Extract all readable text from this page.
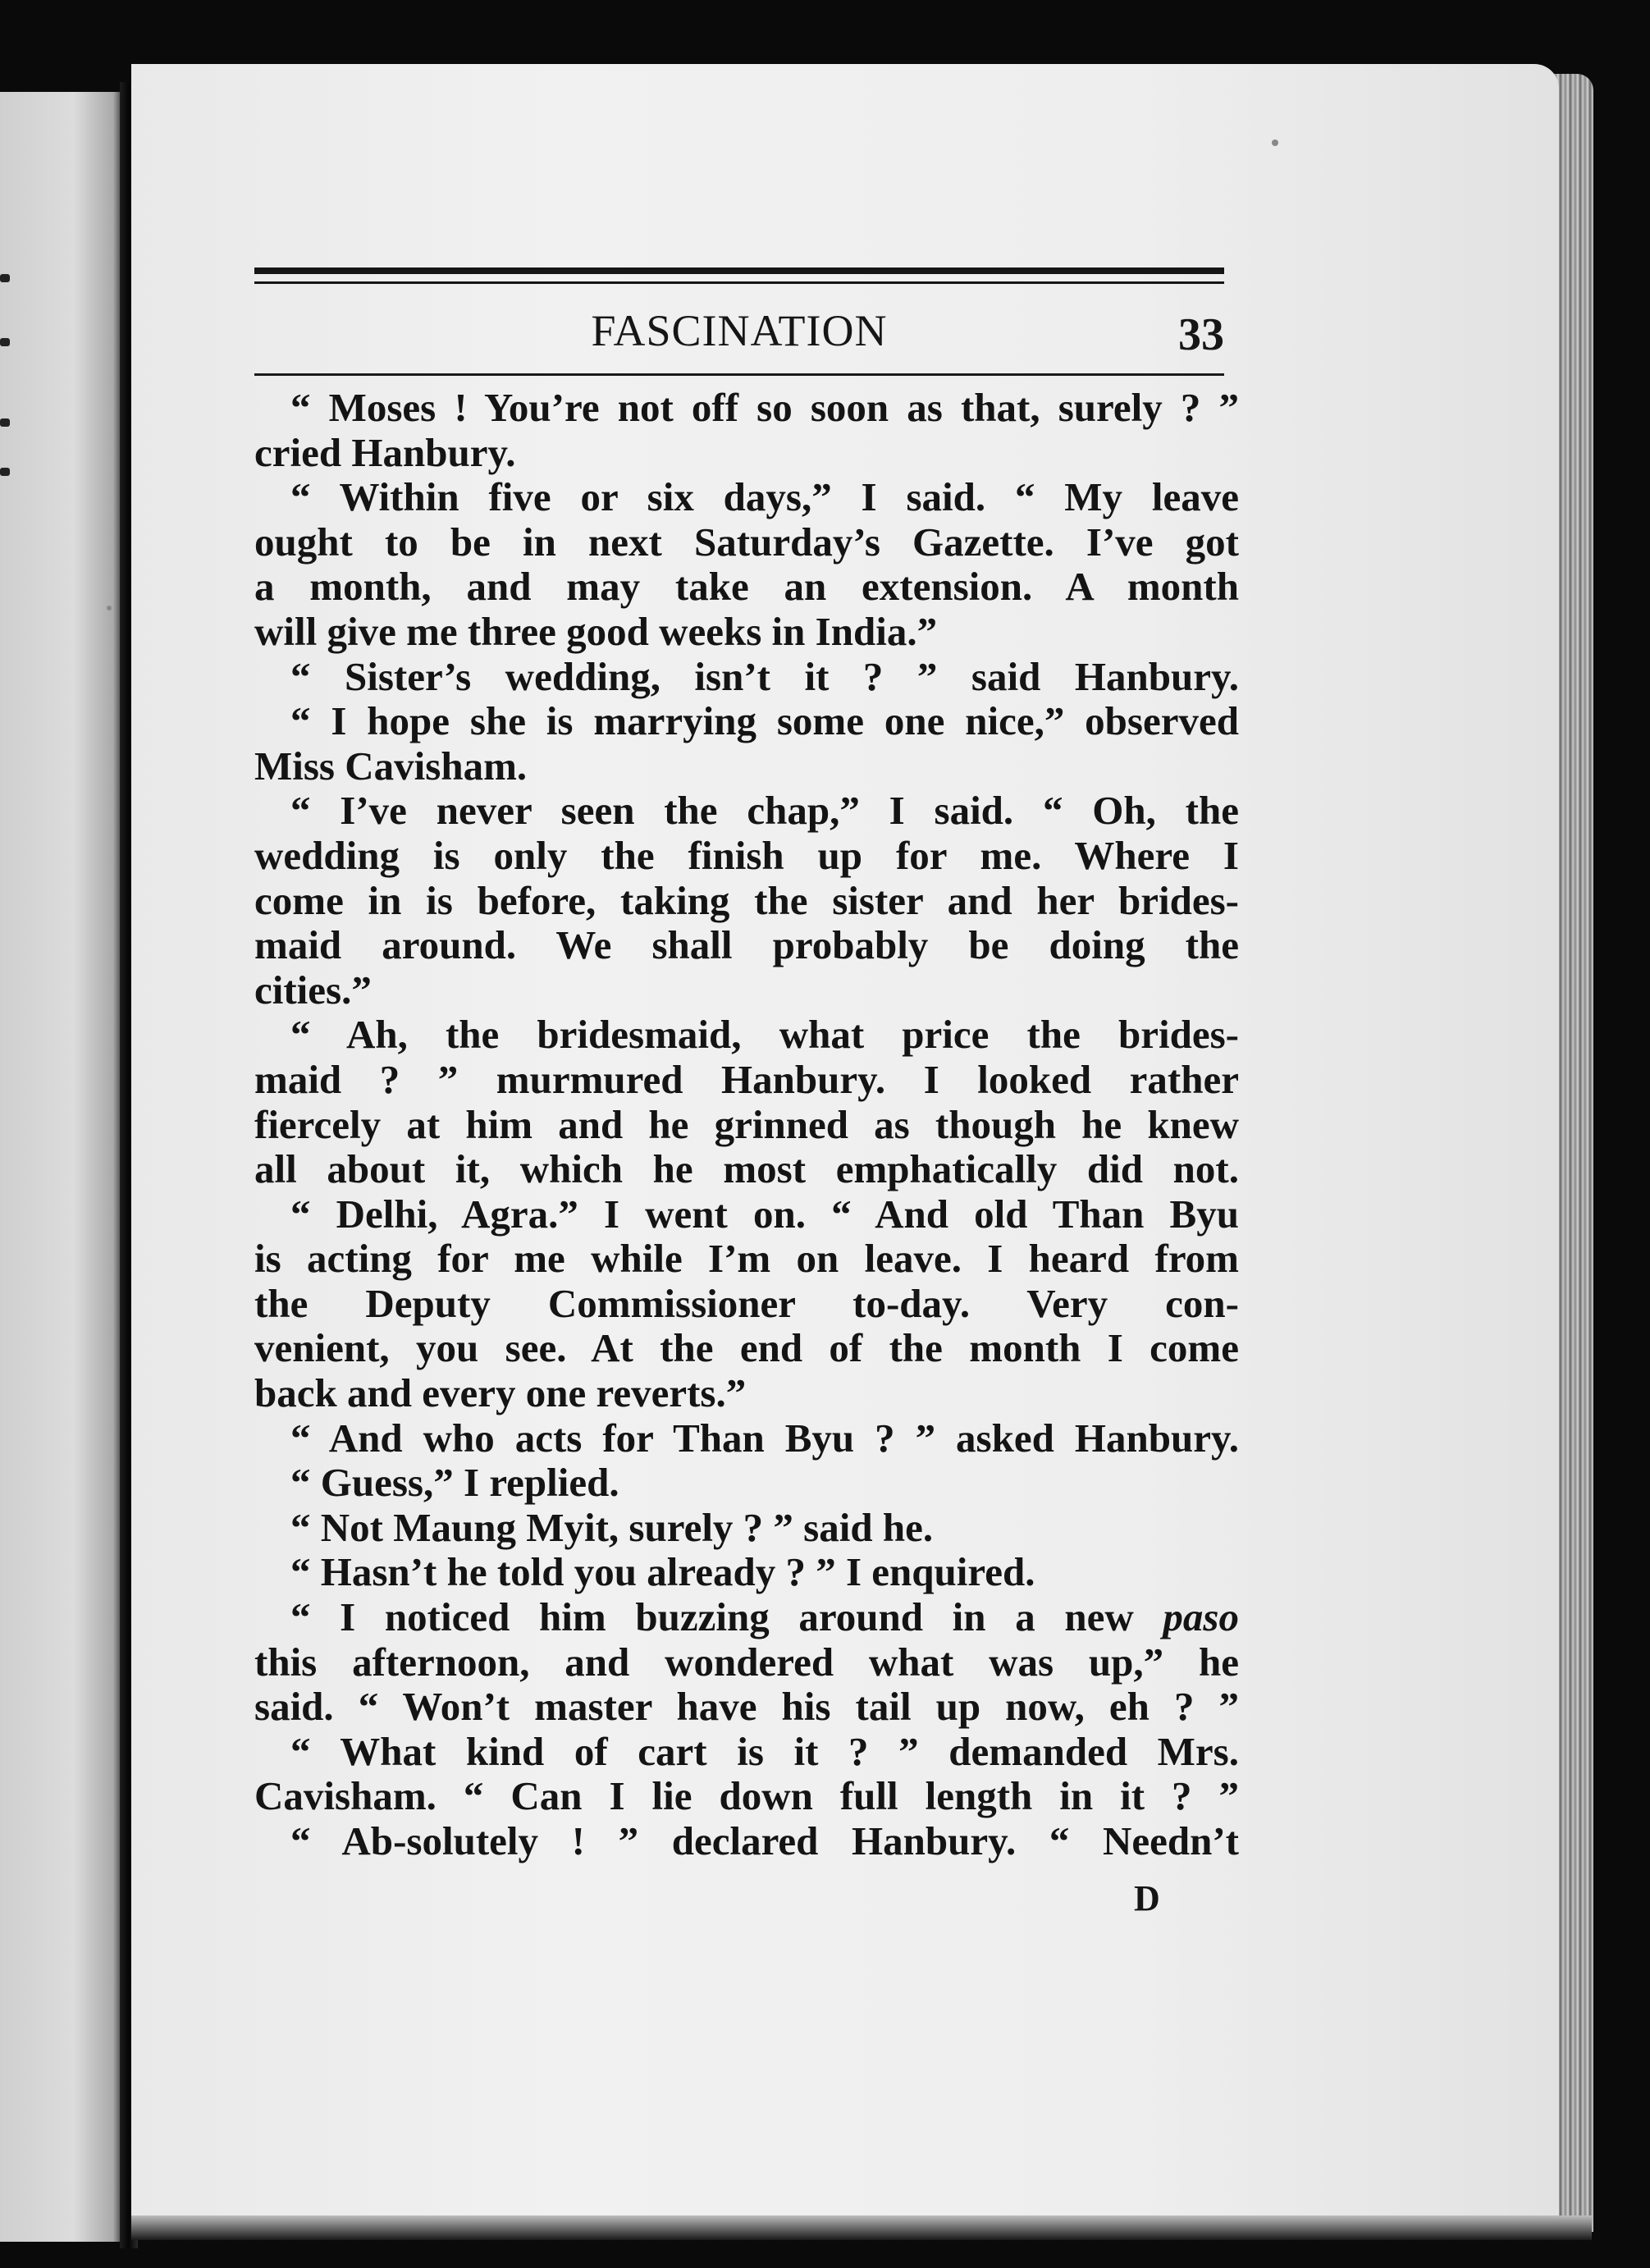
FASCINATION	33
“ Moses ! You’re not off so soon as that, surely ? ”
cried Hanbury.
“ Within five or six days,” I said. “ My leave
ought to be in next Saturday’s Gazette. I’ve got
a month, and may take an extension. A month
will give me three good weeks in India.”
“ Sister’s wedding, isn’t it ? ” said Hanbury.
“ I hope she is marrying some one nice,” observed
Miss Cavisham.
“ I’ve never seen the chap,” I said. “ Oh, the
wedding is only the finish up for me. Where I
come in is before, taking the sister and her brides-
maid around. We shall probably be doing the
cities.”
“ Ah, the bridesmaid, what price the brides-
maid ? ” murmured Hanbury. I looked rather
fiercely at him and he grinned as though he knew
all about it, which he most emphatically did not.
“ Delhi, Agra.” I went on. “ And old Than Byu
is acting for me while I’m on leave. I heard from
the Deputy Commissioner to-day. Very con-
venient, you see. At the end of the month I come
back and every one reverts.”
“ And who acts for Than Byu ? ” asked Hanbury.
“ Guess,” I replied.
“ Not Maung Myit, surely ? ” said he.
“ Hasn’t he told you already ? ” I enquired.
“ I noticed him buzzing around in a new paso
this afternoon, and wondered what was up,” he
said. “ Won’t master have his tail up now, eh ? ”
“ What kind of cart is it ? ” demanded Mrs.
Cavisham. “ Can I lie down full length in it ? ”
“ Ab-solutely ! ” declared Hanbury. “ Needn’t
D
